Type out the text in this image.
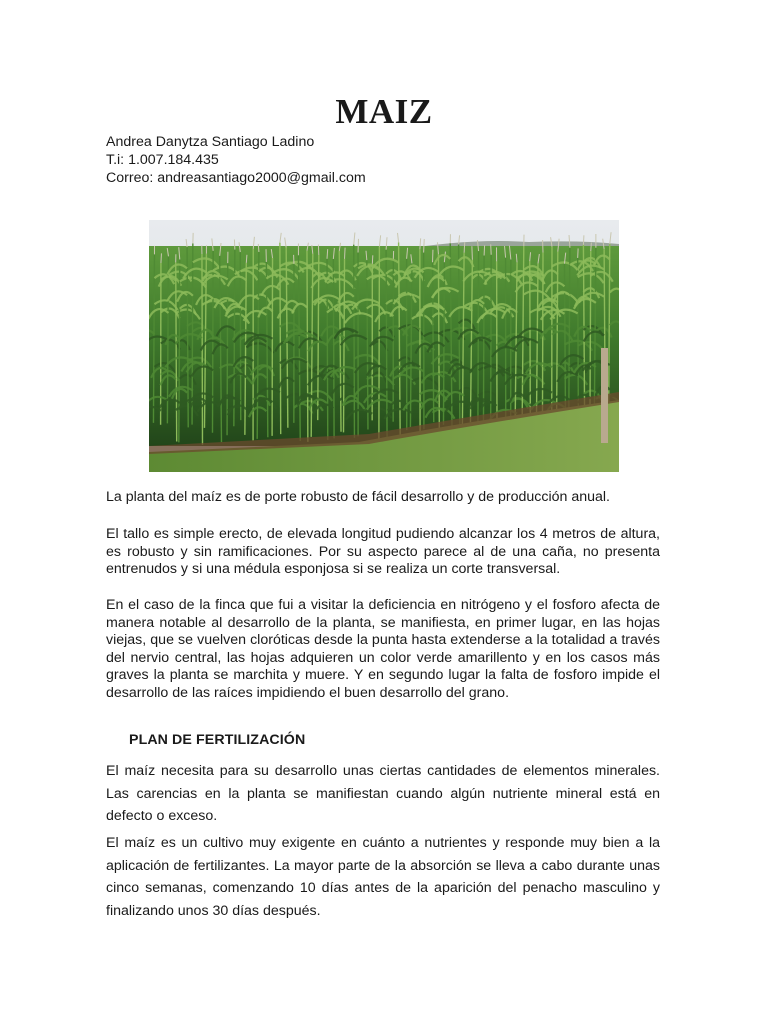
MAIZ
Andrea Danytza Santiago Ladino
T.i: 1.007.184.435
Correo: andreasantiago2000@gmail.com

La planta del maíz es de porte robusto de fácil desarrollo y de producción anual.

El tallo es simple erecto, de elevada longitud pudiendo alcanzar los 4 metros de altura, es robusto y sin ramificaciones. Por su aspecto parece al de una caña, no presenta entrenudos y si una médula esponjosa si se realiza un corte transversal.

En el caso de la finca que fui a visitar la deficiencia en nitrógeno y el fosforo afecta de manera notable al desarrollo de la planta, se manifiesta, en primer lugar, en las hojas viejas, que se vuelven cloróticas desde la punta hasta extenderse a la totalidad a través del nervio central, las hojas adquieren un color verde amarillento y en los casos más graves la planta se marchita y muere. Y en segundo lugar la falta de fosforo impide el desarrollo de las raíces impidiendo el buen desarrollo del grano.

PLAN DE FERTILIZACIÓN

El maíz necesita para su desarrollo unas ciertas cantidades de elementos minerales. Las carencias en la planta se manifiestan cuando algún nutriente mineral está en defecto o exceso.

El maíz es un cultivo muy exigente en cuánto a nutrientes y responde muy bien a la aplicación de fertilizantes. La mayor parte de la absorción se lleva a cabo durante unas cinco semanas, comenzando 10 días antes de la aparición del penacho masculino y finalizando unos 30 días después.
